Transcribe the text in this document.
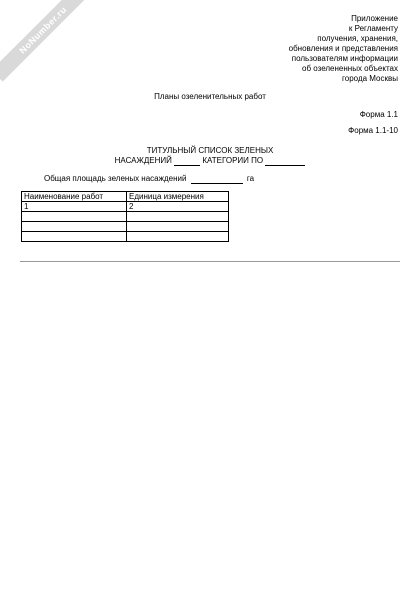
NoNumber.ru	Приложение
к Регламенту
получения, хранения,
обновления и представления
пользователям информации
об озелененных объектах
города Москвы
Планы озеленительных работ
Форма 1.1
Форма 1.1-10
ТИТУЛЬНЫЙ СПИСОК ЗЕЛЕНЫХ
НАСАЖДЕНИЙ	КАТЕГОРИИ ПО
Общая площадь зеленых насаждений	га
Наименование работ	Единица измерения
1	2
